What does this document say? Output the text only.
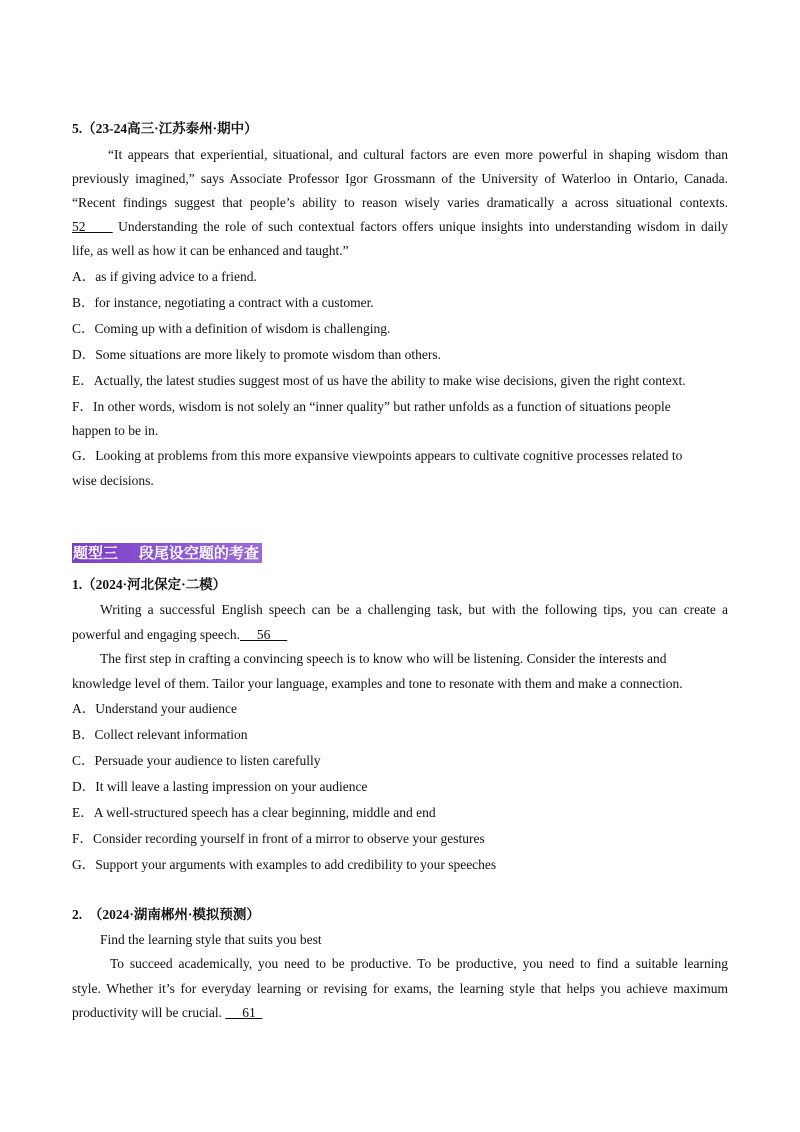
5.（23-24高三·江苏泰州·期中）
“It appears that experiential, situational, and cultural factors are even more powerful in shaping wisdom than
previously imagined,” says Associate Professor Igor Grossmann of the University of Waterloo in Ontario, Canada.
“Recent findings suggest that people’s ability to reason wisely varies dramatically a across situational contexts.
52      Understanding the role of such contextual factors offers unique insights into understanding wisdom in daily
life, as well as how it can be enhanced and taught.”
A．as if giving advice to a friend.
B．for instance, negotiating a contract with a customer.
C．Coming up with a definition of wisdom is challenging.
D．Some situations are more likely to promote wisdom than others.
E．Actually, the latest studies suggest most of us have the ability to make wise decisions, given the right context.
F．In other words, wisdom is not solely an “inner quality” but rather unfolds as a function of situations people
happen to be in.
G．Looking at problems from this more expansive viewpoints appears to cultivate cognitive processes related to
wise decisions.
题型三    段尾设空题的考查
1.（2024·河北保定·二模）
Writing a successful English speech can be a challenging task, but with the following tips, you can create a
powerful and engaging speech.     56
The first step in crafting a convincing speech is to know who will be listening. Consider the interests and
knowledge level of them. Tailor your language, examples and tone to resonate with them and make a connection.
A．Understand your audience
B．Collect relevant information
C．Persuade your audience to listen carefully
D．It will leave a lasting impression on your audience
E．A well-structured speech has a clear beginning, middle and end
F．Consider recording yourself in front of a mirror to observe your gestures
G．Support your arguments with examples to add credibility to your speeches
2.  （2024·湖南郴州·模拟预测）
Find the learning style that suits you best
To succeed academically, you need to be productive. To be productive, you need to find a suitable learning
style. Whether it’s for everyday learning or revising for exams, the learning style that helps you achieve maximum
productivity will be crucial.      61
